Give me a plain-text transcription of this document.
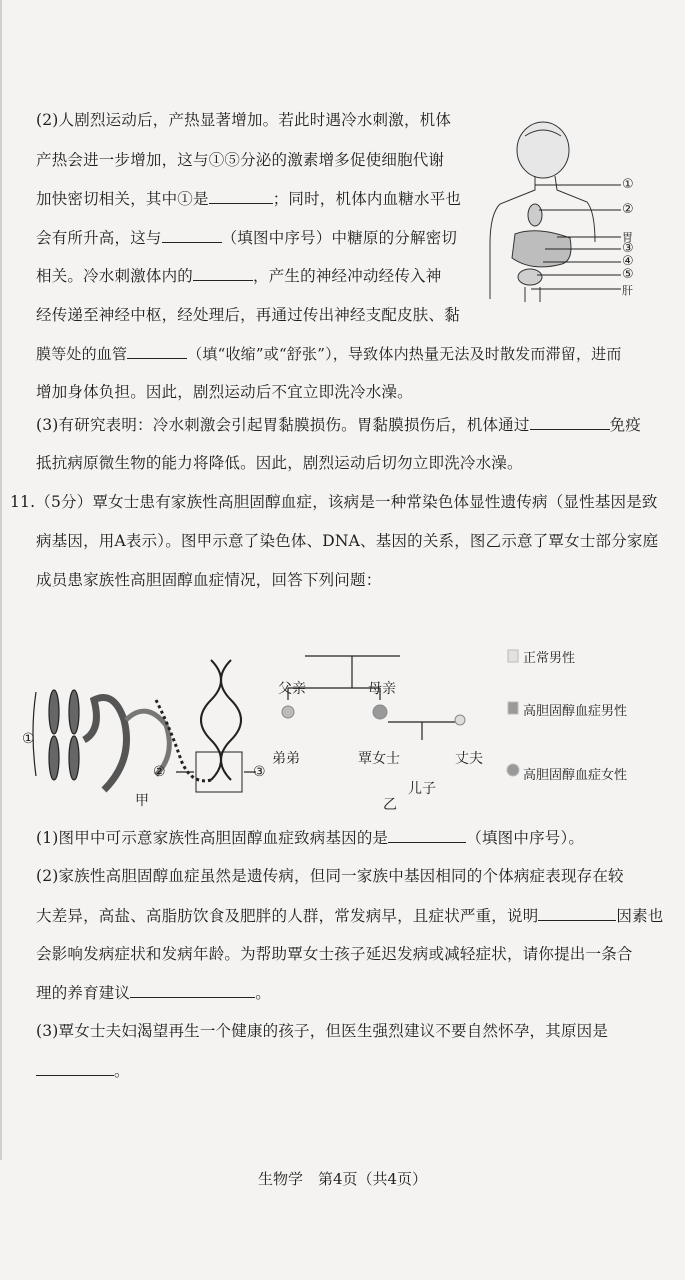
(2)人剧烈运动后，产热显著增加。若此时遇冷水刺激，机体
产热会进一步增加，这与①⑤分泌的激素增多促使细胞代谢
加快密切相关，其中①是	；同时，机体内血糖水平也
会有所升高，这与	（填图中序号）中糖原的分解密切
相关。冷水刺激体内的	，产生的神经冲动经传入神
经传递至神经中枢，经处理后，再通过传出神经支配皮肤、黏
膜等处的血管	（填“收缩”或“舒张”），导致体内热量无法及时散发而滞留，进而
增加身体负担。因此，剧烈运动后不宜立即洗冷水澡。
①
②
胃
③
④
⑤
肝
(3)有研究表明：冷水刺激会引起胃黏膜损伤。胃黏膜损伤后，机体通过	免疫
抵抗病原微生物的能力将降低。因此，剧烈运动后切勿立即洗冷水澡。
11.（5分）覃女士患有家族性高胆固醇血症，该病是一种常染色体显性遗传病（显性基因是致
病基因，用A表示）。图甲示意了染色体、DNA、基因的关系，图乙示意了覃女士部分家庭
成员患家族性高胆固醇血症情况，回答下列问题：
①
②	③
甲
父亲	母亲
弟弟	覃女士	丈夫
儿子
乙
正常男性
高胆固醇血症男性
高胆固醇血症女性
(1)图甲中可示意家族性高胆固醇血症致病基因的是	（填图中序号）。
(2)家族性高胆固醇血症虽然是遗传病，但同一家族中基因相同的个体病症表现存在较
大差异，高盐、高脂肪饮食及肥胖的人群，常发病早，且症状严重，说明	因素也
会影响发病症状和发病年龄。为帮助覃女士孩子延迟发病或减轻症状，请你提出一条合
理的养育建议	。
(3)覃女士夫妇渴望再生一个健康的孩子，但医生强烈建议不要自然怀孕，其原因是
。
生物学　第4页（共4页）
